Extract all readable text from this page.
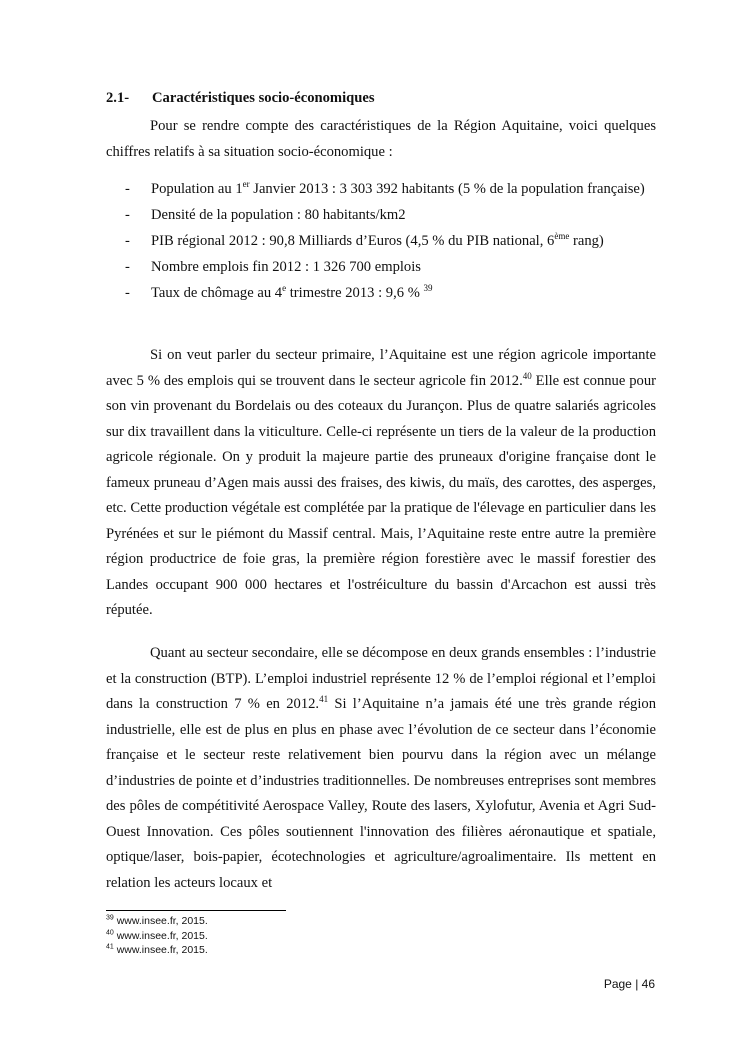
2.1- Caractéristiques socio-économiques

Pour se rendre compte des caractéristiques de la Région Aquitaine, voici quelques chiffres relatifs à sa situation socio-économique :

- Population au 1er Janvier 2013 : 3 303 392 habitants (5 % de la population française)
- Densité de la population : 80 habitants/km2
- PIB régional 2012 : 90,8 Milliards d’Euros (4,5 % du PIB national, 6ème rang)
- Nombre emplois fin 2012 : 1 326 700 emplois
- Taux de chômage au 4e trimestre 2013 : 9,6 % $^{39}$

Si on veut parler du secteur primaire, l’Aquitaine est une région agricole importante avec 5 % des emplois qui se trouvent dans le secteur agricole fin 2012.40 Elle est connue pour son vin provenant du Bordelais ou des coteaux du Jurançon. Plus de quatre salariés agricoles sur dix travaillent dans la viticulture. Celle-ci représente un tiers de la valeur de la production agricole régionale. On y produit la majeure partie des pruneaux d'origine française dont le fameux pruneau d’Agen mais aussi des fraises, des kiwis, du maïs, des carottes, des asperges, etc. Cette production végétale est complétée par la pratique de l'élevage en particulier dans les Pyrénées et sur le piémont du Massif central. Mais, l’Aquitaine reste entre autre la première région productrice de foie gras, la première région forestière avec le massif forestier des Landes occupant 900 000 hectares et l'ostréiculture du bassin d'Arcachon est aussi très réputée.

Quant au secteur secondaire, elle se décompose en deux grands ensembles : l’industrie et la construction (BTP). L’emploi industriel représente 12 % de l’emploi régional et l’emploi dans la construction 7 % en 2012.41 Si l’Aquitaine n’a jamais été une très grande région industrielle, elle est de plus en plus en phase avec l’évolution de ce secteur dans l’économie française et le secteur reste relativement bien pourvu dans la région avec un mélange d’industries de pointe et d’industries traditionnelles. De nombreuses entreprises sont membres des pôles de compétitivité Aerospace Valley, Route des lasers, Xylofutur, Avenia et Agri Sud-Ouest Innovation. Ces pôles soutiennent l'innovation des filières aéronautique et spatiale, optique/laser, bois-papier, écotechnologies et agriculture/agroalimentaire. Ils mettent en relation les acteurs locaux et

$^{39}$ www.insee.fr, 2015.
$^{40}$ www.insee.fr, 2015.
$^{41}$ www.insee.fr, 2015.
Page | 46
